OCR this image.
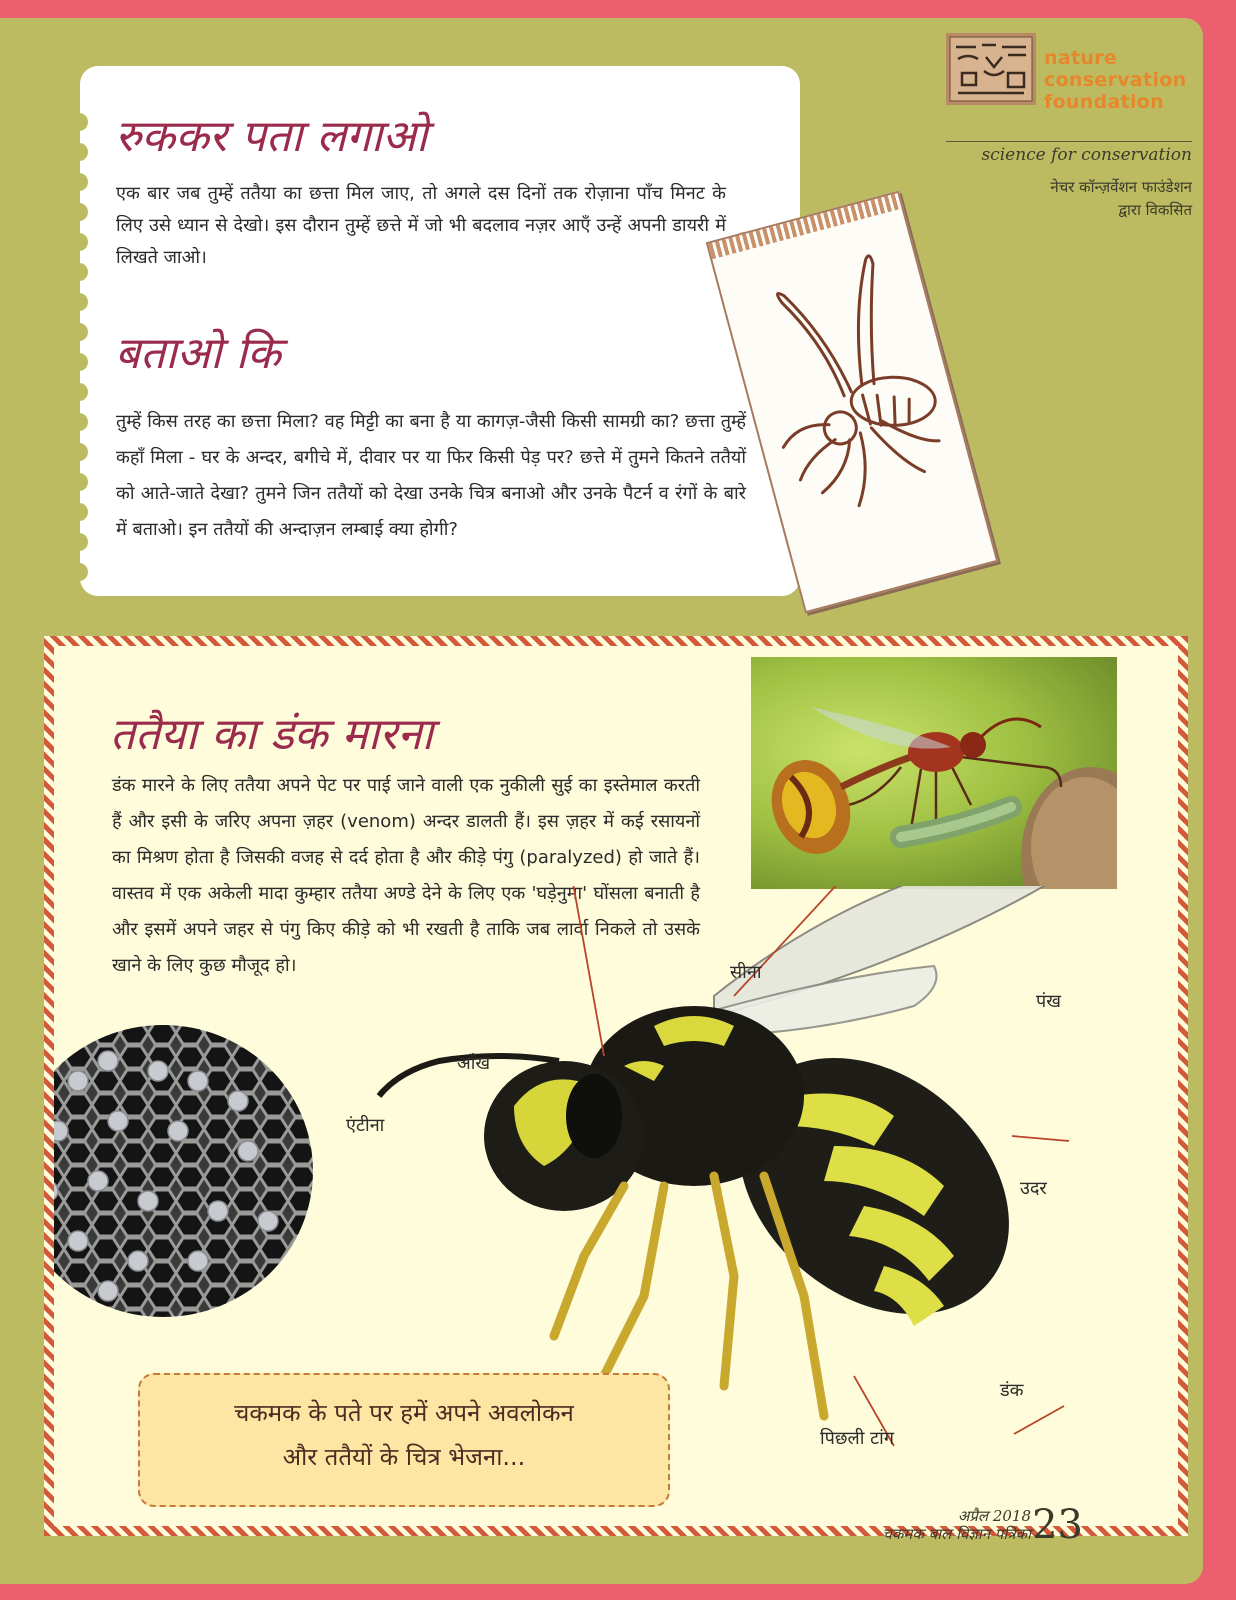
nature
conservation
foundation
science for conservation
नेचर कॉन्ज़र्वेशन फाउंडेशन
द्वारा विकसित
रुककर पता लगाओ

एक बार जब तुम्हें ततैया का छत्ता मिल जाए, तो अगले दस दिनों तक रोज़ाना पाँच मिनट के लिए उसे ध्यान से देखो। इस दौरान तुम्हें छत्ते में जो भी बदलाव नज़र आएँ उन्हें अपनी डायरी में लिखते जाओ।

बताओ कि

तुम्हें किस तरह का छत्ता मिला? वह मिट्टी का बना है या कागज़-जैसी किसी सामग्री का? छत्ता तुम्हें कहाँ मिला - घर के अन्दर, बगीचे में, दीवार पर या फिर किसी पेड़ पर? छत्ते में तुमने कितने ततैयों को आते-जाते देखा? तुमने जिन ततैयों को देखा उनके चित्र बनाओ और उनके पैटर्न व रंगों के बारे में बताओ। इन ततैयों की अन्दाज़न लम्बाई क्या होगी?

ततैया का डंक मारना

डंक मारने के लिए ततैया अपने पेट पर पाई जाने वाली एक नुकीली सुई का इस्तेमाल करती हैं और इसी के जरिए अपना ज़हर (venom) अन्दर डालती हैं। इस ज़हर में कई रसायनों का मिश्रण होता है जिसकी वजह से दर्द होता है और कीड़े पंगु (paralyzed) हो जाते हैं। वास्तव में एक अकेली मादा कुम्हार ततैया अण्डे देने के लिए एक 'घड़ेनुमा' घोंसला बनाती है और इसमें अपने जहर से पंगु किए कीड़े को भी रखती है ताकि जब लार्वा निकले तो उसके खाने के लिए कुछ मौजूद हो।	सीना
पंख
आँख
एंटीना
उदर
डंक
पिछली टांग

चकमक के पते पर हमें अपने अवलोकन

और ततैयों के चित्र भेजना...

अप्रैल 2018
चकमक बाल विज्ञान पत्रिका 23
